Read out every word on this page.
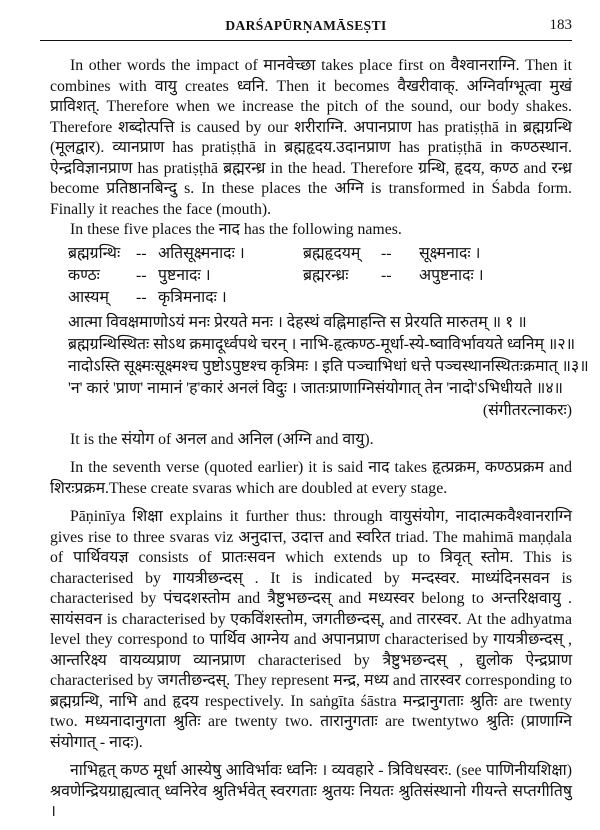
DARŚAPŪRṆAMĀSEṢTI	183

In other words the impact of मानवेच्छा takes place first on वैश्वानराग्नि. Then it combines with वायु creates ध्वनि. Then it becomes वैखरीवाक्. अग्निर्वाग्भूत्वा मुखं प्राविशत्. Therefore when we increase the pitch of the sound, our body shakes. Therefore शब्दोत्पत्ति is caused by our शरीराग्नि. अपानप्राण has pratiṣṭhā in ब्रह्मग्रन्थि (मूलद्वार). व्यानप्राण has pratiṣṭhā in ब्रह्महृदय.उदानप्राण has pratiṣṭhā in कण्ठस्थान. ऐन्द्रविज्ञानप्राण has pratiṣṭhā ब्रह्मरन्ध्र in the head. Therefore ग्रन्थि, हृदय, कण्ठ and रन्ध्र become प्रतिष्ठानबिन्दु s. In these places the अग्नि is transformed in Śabda form. Finally it reaches the face (mouth).

In these five places the नाद has the following names.

ब्रह्मग्रन्थिः	-- अतिसूक्ष्मनादः ।	ब्रह्महृदयम्	--	सूक्ष्मनादः ।
कण्ठः	-- पुष्टनादः ।	ब्रह्मरन्ध्रः	--	अपुष्टनादः ।
आस्यम्	-- कृत्रिमनादः ।
आत्मा विवक्षमाणोऽयं मनः प्रेरयते मनः । देहस्थं वह्निमाहन्ति स प्रेरयति मारुतम् ॥ १ ॥
ब्रह्मग्रन्थिस्थितः सोऽथ क्रमादूर्ध्वपथे चरन् । नाभि-हृत्कण्ठ-मूर्धा-स्ये-ष्वाविर्भावयते ध्वनिम् ॥२॥
नादोऽस्ति सूक्ष्मःसूक्ष्मश्च पुष्टोऽपुष्टश्च कृत्रिमः । इति पञ्चाभिधां धत्ते पञ्चस्थानस्थितःक्रमात् ॥३॥
'न' कारं 'प्राण' नामानं 'ह'कारं अनलं विदुः । जातःप्राणाग्निसंयोगात् तेन 'नादो'ऽभिधीयते ॥४॥
(संगीतरत्नाकरः)

It is the संयोग of अनल and अनिल (अग्नि and वायु).

In the seventh verse (quoted earlier) it is said नाद takes हृत्प्रक्रम, कण्ठप्रक्रम and शिरःप्रक्रम.These create svaras which are doubled at every stage.

Pāṇinīya शिक्षा explains it further thus: through वायुसंयोग, नादात्मकवैश्वानराग्नि gives rise to three svaras viz अनुदात्त, उदात्त and स्वरित triad. The mahimā maṇḍala of पार्थिवयज्ञ consists of प्रातःसवन which extends up to त्रिवृत् स्तोम. This is characterised by गायत्रीछन्दस् . It is indicated by मन्दस्वर. माध्यंदिनसवन is characterised by पंचदशस्तोम and त्रैष्टुभछन्दस् and मध्यस्वर belong to अन्तरिक्षवायु . सायंसवन is characterised by एकविंशस्तोम, जगतीछन्दस्, and तारस्वर. At the adhyatma level they correspond to पार्थिव आग्नेय and अपानप्राण characterised by गायत्रीछन्दस् , आन्तरिक्ष्य वायव्यप्राण व्यानप्राण characterised by त्रैष्टुभछन्दस् , द्युलोक ऐन्द्रप्राण characterised by जगतीछन्दस्. They represent मन्द्र, मध्य and तारस्वर corresponding to ब्रह्मग्रन्थि, नाभि and हृदय respectively. In saṅgīta śāstra मन्द्रानुगताः श्रुतिः are twenty two. मध्यनादानुगता श्रुतिः are twenty two. तारानुगताः are twentytwo श्रुतिः (प्राणाग्नि संयोगात् - नादः).

नाभिहृत् कण्ठ मूर्धा आस्येषु आविर्भावः ध्वनिः । व्यवहारे - त्रिविधस्वरः. (see पाणिनीयशिक्षा) श्रवणेन्द्रियग्राह्यत्वात् ध्वनिरेव श्रुतिर्भवेत् स्वरगताः श्रुतयः नियतः श्रुतिसंस्थानो गीयन्ते सप्तगीतिषु ।
